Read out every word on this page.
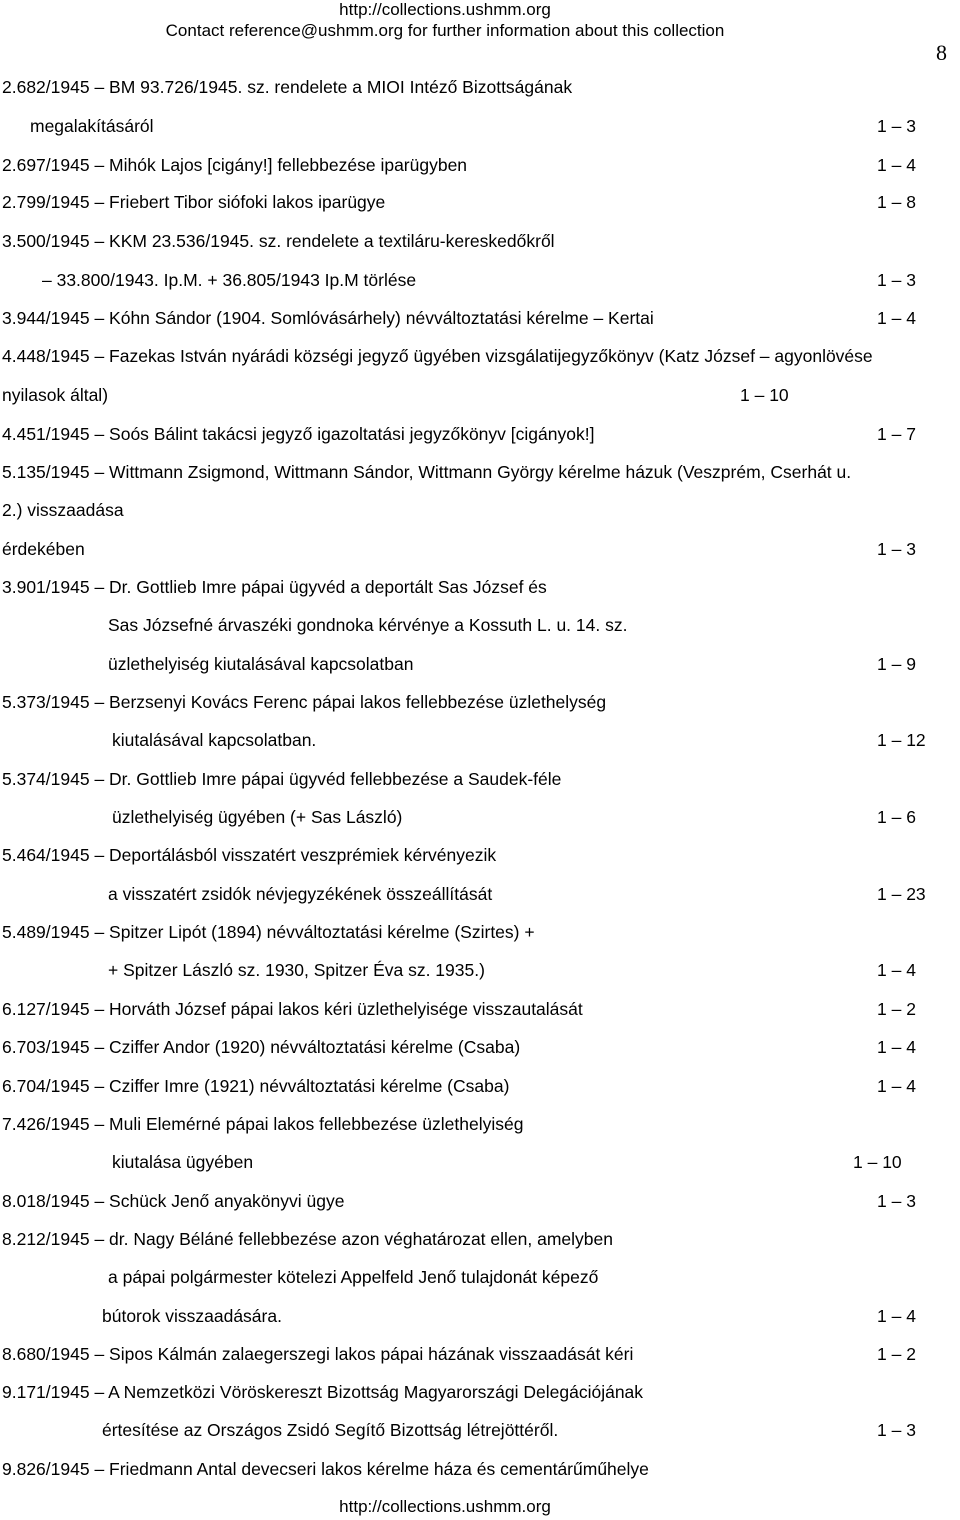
http://collections.ushmm.org
Contact reference@ushmm.org for further information about this collection
8
2.682/1945 – BM 93.726/1945. sz. rendelete a MIOI Intéző Bizottságának
megalakításáról	1 – 3
2.697/1945 – Mihók Lajos [cigány!] fellebbezése iparügyben	1 – 4
2.799/1945 – Friebert Tibor siófoki lakos iparügye	1 – 8
3.500/1945 – KKM 23.536/1945. sz. rendelete a textiláru-kereskedőkről
– 33.800/1943. Ip.M. + 36.805/1943 Ip.M törlése	1 – 3
3.944/1945 – Kóhn Sándor (1904. Somlóvásárhely) névváltoztatási kérelme – Kertai	1 – 4
4.448/1945 – Fazekas István nyárádi községi jegyző ügyében vizsgálatijegyzőkönyv (Katz József – agyonlövése
nyilasok által)	1 – 10
4.451/1945 – Soós Bálint takácsi jegyző igazoltatási jegyzőkönyv [cigányok!]	1 – 7
5.135/1945 – Wittmann Zsigmond, Wittmann Sándor, Wittmann György kérelme házuk (Veszprém, Cserhát u.
2.) visszaadása
érdekében	1 – 3
3.901/1945 – Dr. Gottlieb Imre pápai ügyvéd a deportált Sas József és
Sas Józsefné árvaszéki gondnoka kérvénye a Kossuth L. u. 14. sz.
üzlethelyiség kiutalásával kapcsolatban	1 – 9
5.373/1945 – Berzsenyi Kovács Ferenc pápai lakos fellebbezése üzlethelység
kiutalásával kapcsolatban.	1 – 12
5.374/1945 – Dr. Gottlieb Imre pápai ügyvéd fellebbezése a Saudek-féle
üzlethelyiség ügyében (+ Sas László)	1 – 6
5.464/1945 – Deportálásból visszatért veszprémiek kérvényezik
a visszatért zsidók névjegyzékének összeállítását	1 – 23
5.489/1945 – Spitzer Lipót (1894) névváltoztatási kérelme (Szirtes) +
+ Spitzer László sz. 1930, Spitzer Éva sz. 1935.)	1 – 4
6.127/1945 – Horváth József pápai lakos kéri üzlethelyisége visszautalását	1 – 2
6.703/1945 – Cziffer Andor (1920) névváltoztatási kérelme (Csaba)	1 – 4
6.704/1945 – Cziffer Imre (1921) névváltoztatási kérelme (Csaba)	1 – 4
7.426/1945 – Muli Elemérné pápai lakos fellebbezése üzlethelyiség
kiutalása ügyében	1 – 10
8.018/1945 – Schück Jenő anyakönyvi ügye	1 – 3
8.212/1945 – dr. Nagy Béláné fellebbezése azon véghatározat ellen, amelyben
a pápai polgármester kötelezi Appelfeld Jenő tulajdonát képező
bútorok visszaadására.	1 – 4
8.680/1945 – Sipos Kálmán zalaegerszegi lakos pápai házának visszaadását kéri	1 – 2
9.171/1945 – A Nemzetközi Vöröskereszt Bizottság Magyarországi Delegációjának
értesítése az Országos Zsidó Segítő Bizottság létrejöttéről.	1 – 3
9.826/1945 – Friedmann Antal devecseri lakos kérelme háza és cementárűműhelye
http://collections.ushmm.org
